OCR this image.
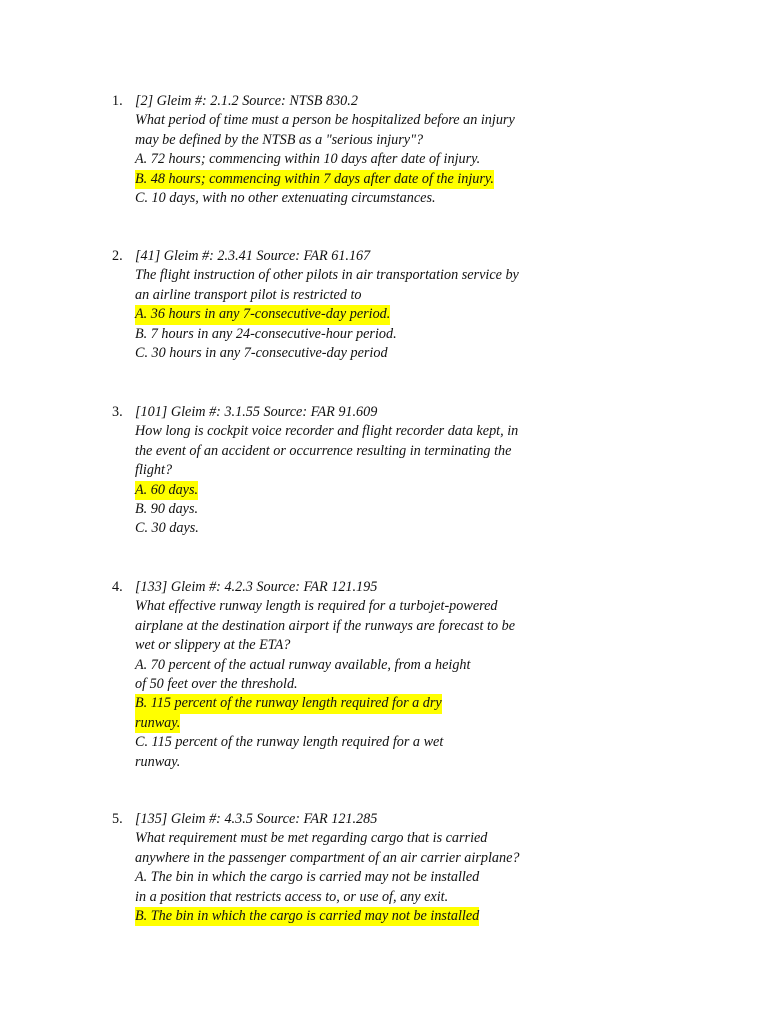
1. [2] Gleim #: 2.1.2 Source: NTSB 830.2
What period of time must a person be hospitalized before an injury
may be defined by the NTSB as a "serious injury"?
A. 72 hours; commencing within 10 days after date of injury.
B. 48 hours; commencing within 7 days after date of the injury.
C. 10 days, with no other extenuating circumstances.
2. [41] Gleim #: 2.3.41 Source: FAR 61.167
The flight instruction of other pilots in air transportation service by
an airline transport pilot is restricted to
A. 36 hours in any 7-consecutive-day period.
B. 7 hours in any 24-consecutive-hour period.
C. 30 hours in any 7-consecutive-day period
3. [101] Gleim #: 3.1.55 Source: FAR 91.609
How long is cockpit voice recorder and flight recorder data kept, in
the event of an accident or occurrence resulting in terminating the
flight?
A. 60 days.
B. 90 days.
C. 30 days.
4. [133] Gleim #: 4.2.3 Source: FAR 121.195
What effective runway length is required for a turbojet-powered
airplane at the destination airport if the runways are forecast to be
wet or slippery at the ETA?
A. 70 percent of the actual runway available, from a height
of 50 feet over the threshold.
B. 115 percent of the runway length required for a dry
runway.
C. 115 percent of the runway length required for a wet
runway.
5. [135] Gleim #: 4.3.5 Source: FAR 121.285
What requirement must be met regarding cargo that is carried
anywhere in the passenger compartment of an air carrier airplane?
A. The bin in which the cargo is carried may not be installed
in a position that restricts access to, or use of, any exit.
B. The bin in which the cargo is carried may not be installed
